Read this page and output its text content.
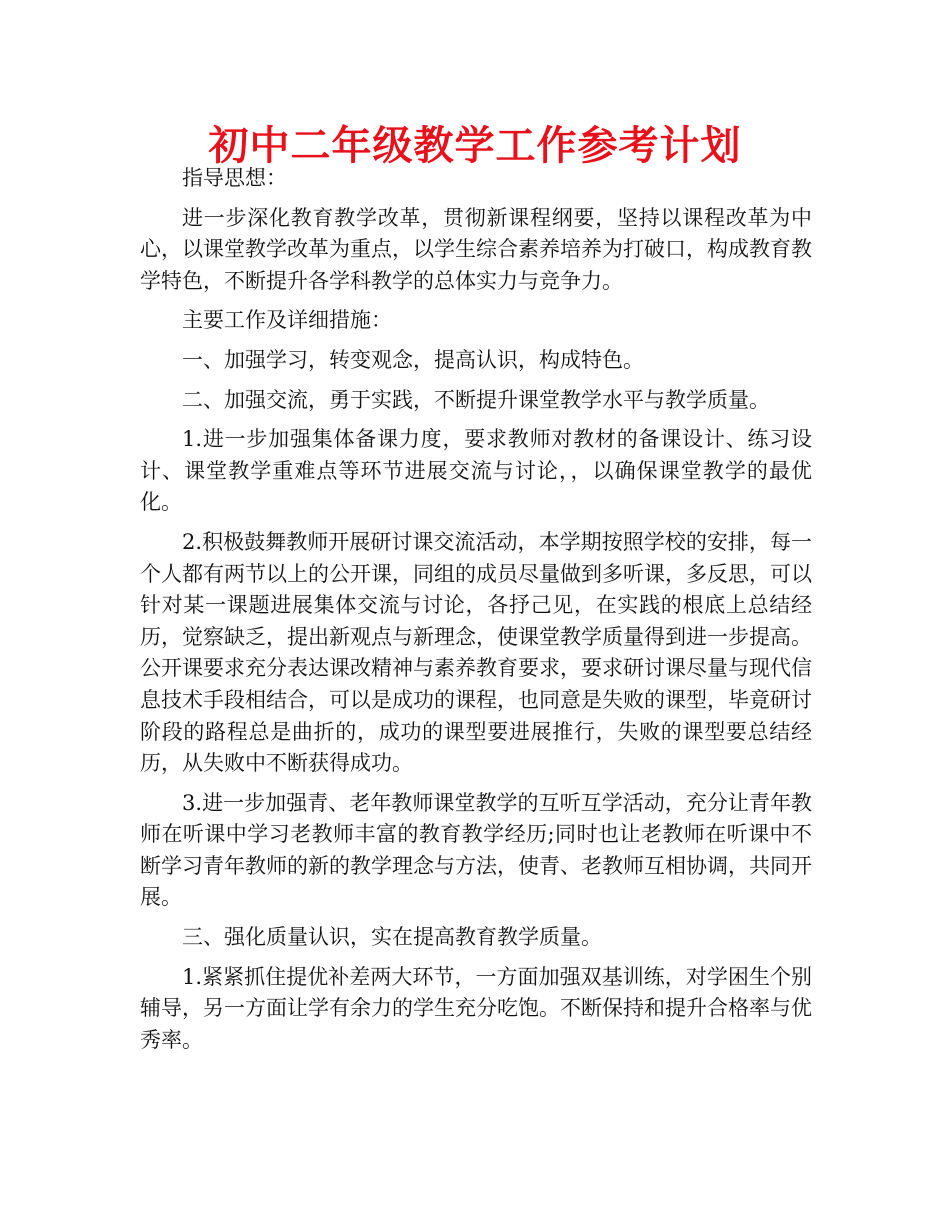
初中二年级教学工作参考计划

指导思想：

进一步深化教育教学改革，贯彻新课程纲要，坚持以课程改革为中心，以课堂教学改革为重点，以学生综合素养培养为打破口，构成教育教学特色，不断提升各学科教学的总体实力与竞争力。

主要工作及详细措施：

一、加强学习，转变观念，提高认识，构成特色。

二、加强交流，勇于实践，不断提升课堂教学水平与教学质量。

1.进一步加强集体备课力度，要求教师对教材的备课设计、练习设计、课堂教学重难点等环节进展交流与讨论，，以确保课堂教学的最优化。

2.积极鼓舞教师开展研讨课交流活动，本学期按照学校的安排，每一个人都有两节以上的公开课，同组的成员尽量做到多听课，多反思，可以针对某一课题进展集体交流与讨论，各抒己见，在实践的根底上总结经历，觉察缺乏，提出新观点与新理念，使课堂教学质量得到进一步提高。公开课要求充分表达课改精神与素养教育要求，要求研讨课尽量与现代信息技术手段相结合，可以是成功的课程，也同意是失败的课型，毕竟研讨阶段的路程总是曲折的，成功的课型要进展推行，失败的课型要总结经历，从失败中不断获得成功。

3.进一步加强青、老年教师课堂教学的互听互学活动，充分让青年教师在听课中学习老教师丰富的教育教学经历;同时也让老教师在听课中不断学习青年教师的新的教学理念与方法，使青、老教师互相协调，共同开展。

三、强化质量认识，实在提高教育教学质量。

1.紧紧抓住提优补差两大环节，一方面加强双基训练，对学困生个别辅导，另一方面让学有余力的学生充分吃饱。不断保持和提升合格率与优秀率。
